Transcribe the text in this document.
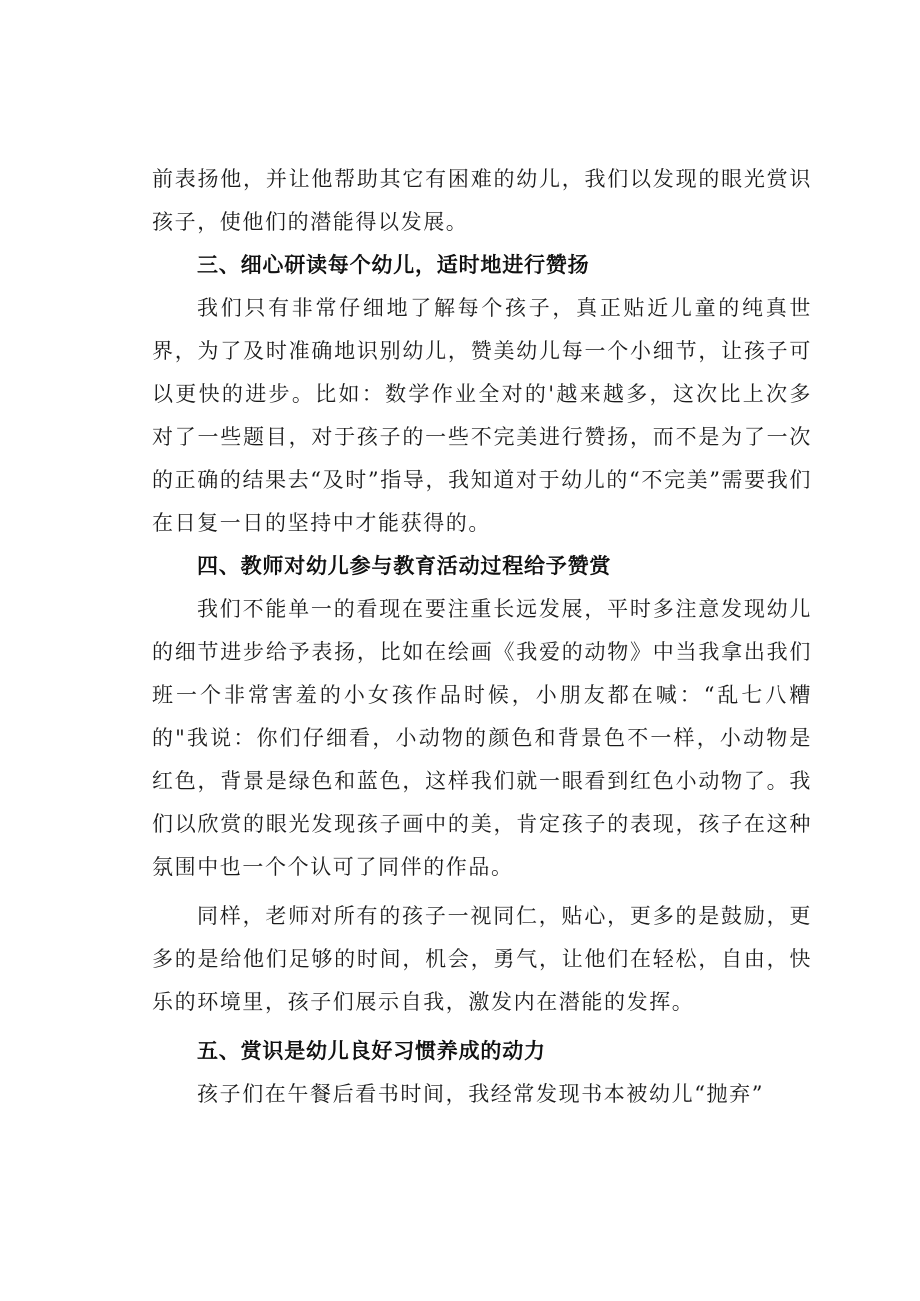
前表扬他，并让他帮助其它有困难的幼儿，我们以发现的眼光赏识孩子，使他们的潜能得以发展。

三、细心研读每个幼儿，适时地进行赞扬

我们只有非常仔细地了解每个孩子，真正贴近儿童的纯真世界，为了及时准确地识别幼儿，赞美幼儿每一个小细节，让孩子可以更快的进步。比如：数学作业全对的'越来越多，这次比上次多对了一些题目，对于孩子的一些不完美进行赞扬，而不是为了一次的正确的结果去“及时”指导，我知道对于幼儿的“不完美”需要我们在日复一日的坚持中才能获得的。

四、教师对幼儿参与教育活动过程给予赞赏

我们不能单一的看现在要注重长远发展，平时多注意发现幼儿的细节进步给予表扬，比如在绘画《我爱的动物》中当我拿出我们班一个非常害羞的小女孩作品时候，小朋友都在喊：“乱七八糟的"我说：你们仔细看，小动物的颜色和背景色不一样，小动物是红色，背景是绿色和蓝色，这样我们就一眼看到红色小动物了。我们以欣赏的眼光发现孩子画中的美，肯定孩子的表现，孩子在这种氛围中也一个个认可了同伴的作品。

同样，老师对所有的孩子一视同仁，贴心，更多的是鼓励，更多的是给他们足够的时间，机会，勇气，让他们在轻松，自由，快乐的环境里，孩子们展示自我，激发内在潜能的发挥。

五、赏识是幼儿良好习惯养成的动力

孩子们在午餐后看书时间，我经常发现书本被幼儿“抛弃”
